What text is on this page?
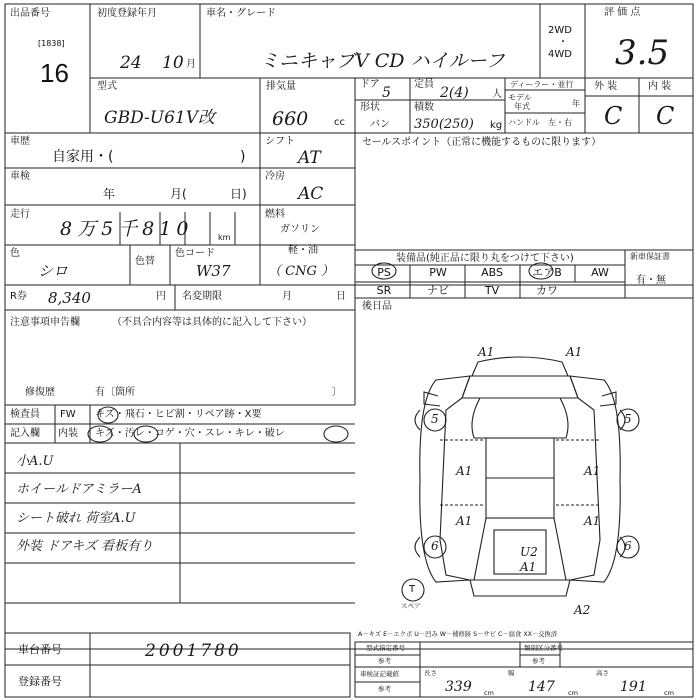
出品番号
[1838]
16
初度登録年月
24 10 月
車名・グレード
ミニキャブV CD ハイルーフ
2WD
・
4WD
評 価 点
3.5
外 装	内 装
C C
型式
GBD-U61V改
排気量
660	cc
ドア
5
定員
2(4) 人
ディーラー・並行
モデル
年式	年
ハンドル 左・右
形状
バン
積数
350(250) kg
車歴
自家用・(	)
シフト
AT
セールスポイント（正常に機能するものに限ります）
車検
年	月(	日)
冷房
AC
走行
8万5千810	km
燃料
ガソリン
軽・油
（ CNG ）
色
シロ
色替
色コード
W37
装備品(純正品に限り丸をつけて下さい)
PS	PW	ABS	エアB	AW
SR	ナビ	TV	カワ
新車保証書
有・無
R券 8,340	円 名変期限	月	日
後日品
注意事項申告欄	（不具合内容等は具体的に記入して下さい）
修復歴	有〔箇所	〕
検査員
記入欄
FW キズ・飛石・ヒビ割・リペア跡・X要
内装 キズ・汚レ・コゲ・穴・スレ・キレ・破レ
小A.U
ホイールドアミラーA
シート破れ 荷室A.U
外装 ドアキズ 看板有り
A1	A1
A1
A1
A1
A1
U2
A1
A2
5	5
6	6
T
スペア
A－キズ E－エクボ U－凹み W－補修跡 S－サビ C－腐食 XX－交換済
車台番号	2001780
登録番号
型式指定番号
参考
類別区分番号
参考
車検証記載値
参考
長さ
339 cm
幅
147 cm
高さ
191	cm
